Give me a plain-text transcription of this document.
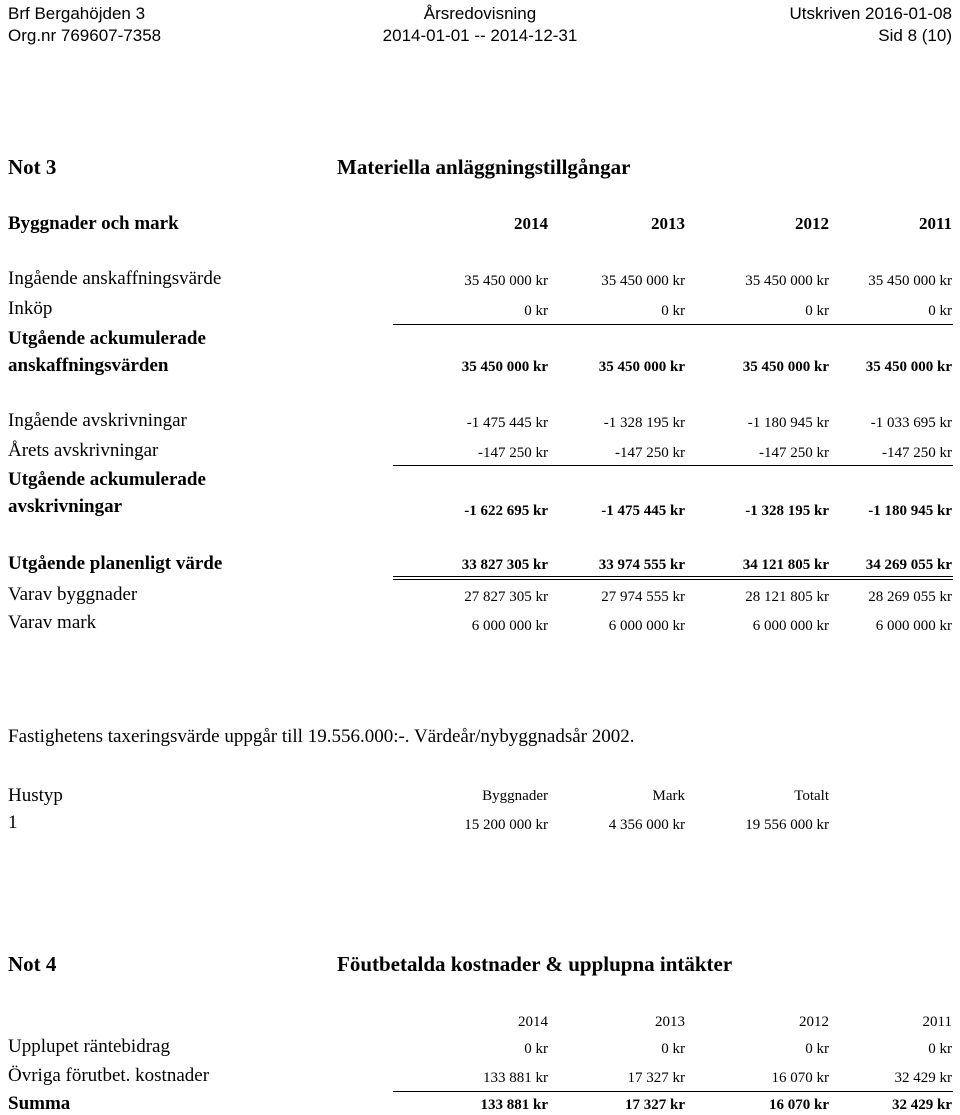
Brf Bergahöjden 3
Org.nr 769607-7358
Årsredovisning
2014-01-01 -- 2014-12-31
Utskriven 2016-01-08
Sid 8 (10)
Not 3	Materiella anläggningstillgångar
Byggnader och mark	2014	2013	2012	2011
Ingående anskaffningsvärde	35 450 000 kr	35 450 000 kr	35 450 000 kr	35 450 000 kr
Inköp	0 kr	0 kr	0 kr	0 kr
Utgående ackumulerade
anskaffningsvärden	35 450 000 kr	35 450 000 kr	35 450 000 kr 35 450 000 kr
Ingående avskrivningar	-1 475 445 kr	-1 328 195 kr	-1 180 945 kr	-1 033 695 kr
Årets avskrivningar	-147 250 kr	-147 250 kr	-147 250 kr	-147 250 kr
Utgående ackumulerade
avskrivningar	-1 622 695 kr	-1 475 445 kr	-1 328 195 kr	-1 180 945 kr
Utgående planenligt värde	33 827 305 kr	33 974 555 kr	34 121 805 kr 34 269 055 kr
Varav byggnader	27 827 305 kr	27 974 555 kr	28 121 805 kr	28 269 055 kr
Varav mark	6 000 000 kr	6 000 000 kr	6 000 000 kr	6 000 000 kr
Fastighetens taxeringsvärde uppgår till 19.556.000:-. Värdeår/nybyggnadsår 2002.
Hustyp	Byggnader	Mark	Totalt
1	15 200 000 kr	4 356 000 kr	19 556 000 kr
Not 4	Föutbetalda kostnader & upplupna intäkter
2014	2013	2012	2011
Upplupet räntebidrag	0 kr	0 kr	0 kr	0 kr
Övriga förutbet. kostnader	133 881 kr	17 327 kr	16 070 kr	32 429 kr
Summa	133 881 kr	17 327 kr	16 070 kr	32 429 kr
